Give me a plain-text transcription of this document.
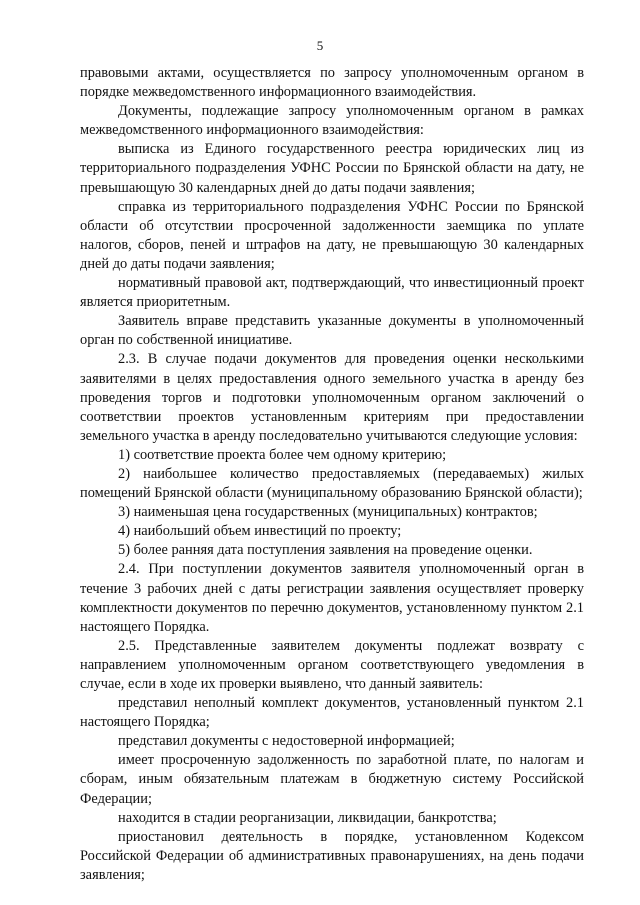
5

правовыми актами, осуществляется по запросу уполномоченным органом в порядке межведомственного информационного взаимодействия.

Документы, подлежащие запросу уполномоченным органом в рамках межведомственного информационного взаимодействия:

выписка из Единого государственного реестра юридических лиц из территориального подразделения УФНС России по Брянской области на дату, не превышающую 30 календарных дней до даты подачи заявления;

справка из территориального подразделения УФНС России по Брянской области об отсутствии просроченной задолженности заемщика по уплате налогов, сборов, пеней и штрафов на дату, не превышающую 30 календарных дней до даты подачи заявления;

нормативный правовой акт, подтверждающий, что инвестиционный проект является приоритетным.

Заявитель вправе представить указанные документы в уполномоченный орган по собственной инициативе.

2.3. В случае подачи документов для проведения оценки несколькими заявителями в целях предоставления одного земельного участка в аренду без проведения торгов и подготовки уполномоченным органом заключений о соответствии проектов установленным критериям при предоставлении земельного участка в аренду последовательно учитываются следующие условия:

1) соответствие проекта более чем одному критерию;

2) наибольшее количество предоставляемых (передаваемых) жилых помещений Брянской области (муниципальному образованию Брянской области);

3) наименьшая цена государственных (муниципальных) контрактов;

4) наибольший объем инвестиций по проекту;

5) более ранняя дата поступления заявления на проведение оценки.

2.4. При поступлении документов заявителя уполномоченный орган в течение 3 рабочих дней с даты регистрации заявления осуществляет проверку комплектности документов по перечню документов, установленному пунктом 2.1 настоящего Порядка.

2.5. Представленные заявителем документы подлежат возврату с направлением уполномоченным органом соответствующего уведомления в случае, если в ходе их проверки выявлено, что данный заявитель:

представил неполный комплект документов, установленный пунктом 2.1 настоящего Порядка;

представил документы с недостоверной информацией;

имеет просроченную задолженность по заработной плате, по налогам и сборам, иным обязательным платежам в бюджетную систему Российской Федерации;

находится в стадии реорганизации, ликвидации, банкротства;

приостановил деятельность в порядке, установленном Кодексом Российской Федерации об административных правонарушениях, на день подачи заявления;
